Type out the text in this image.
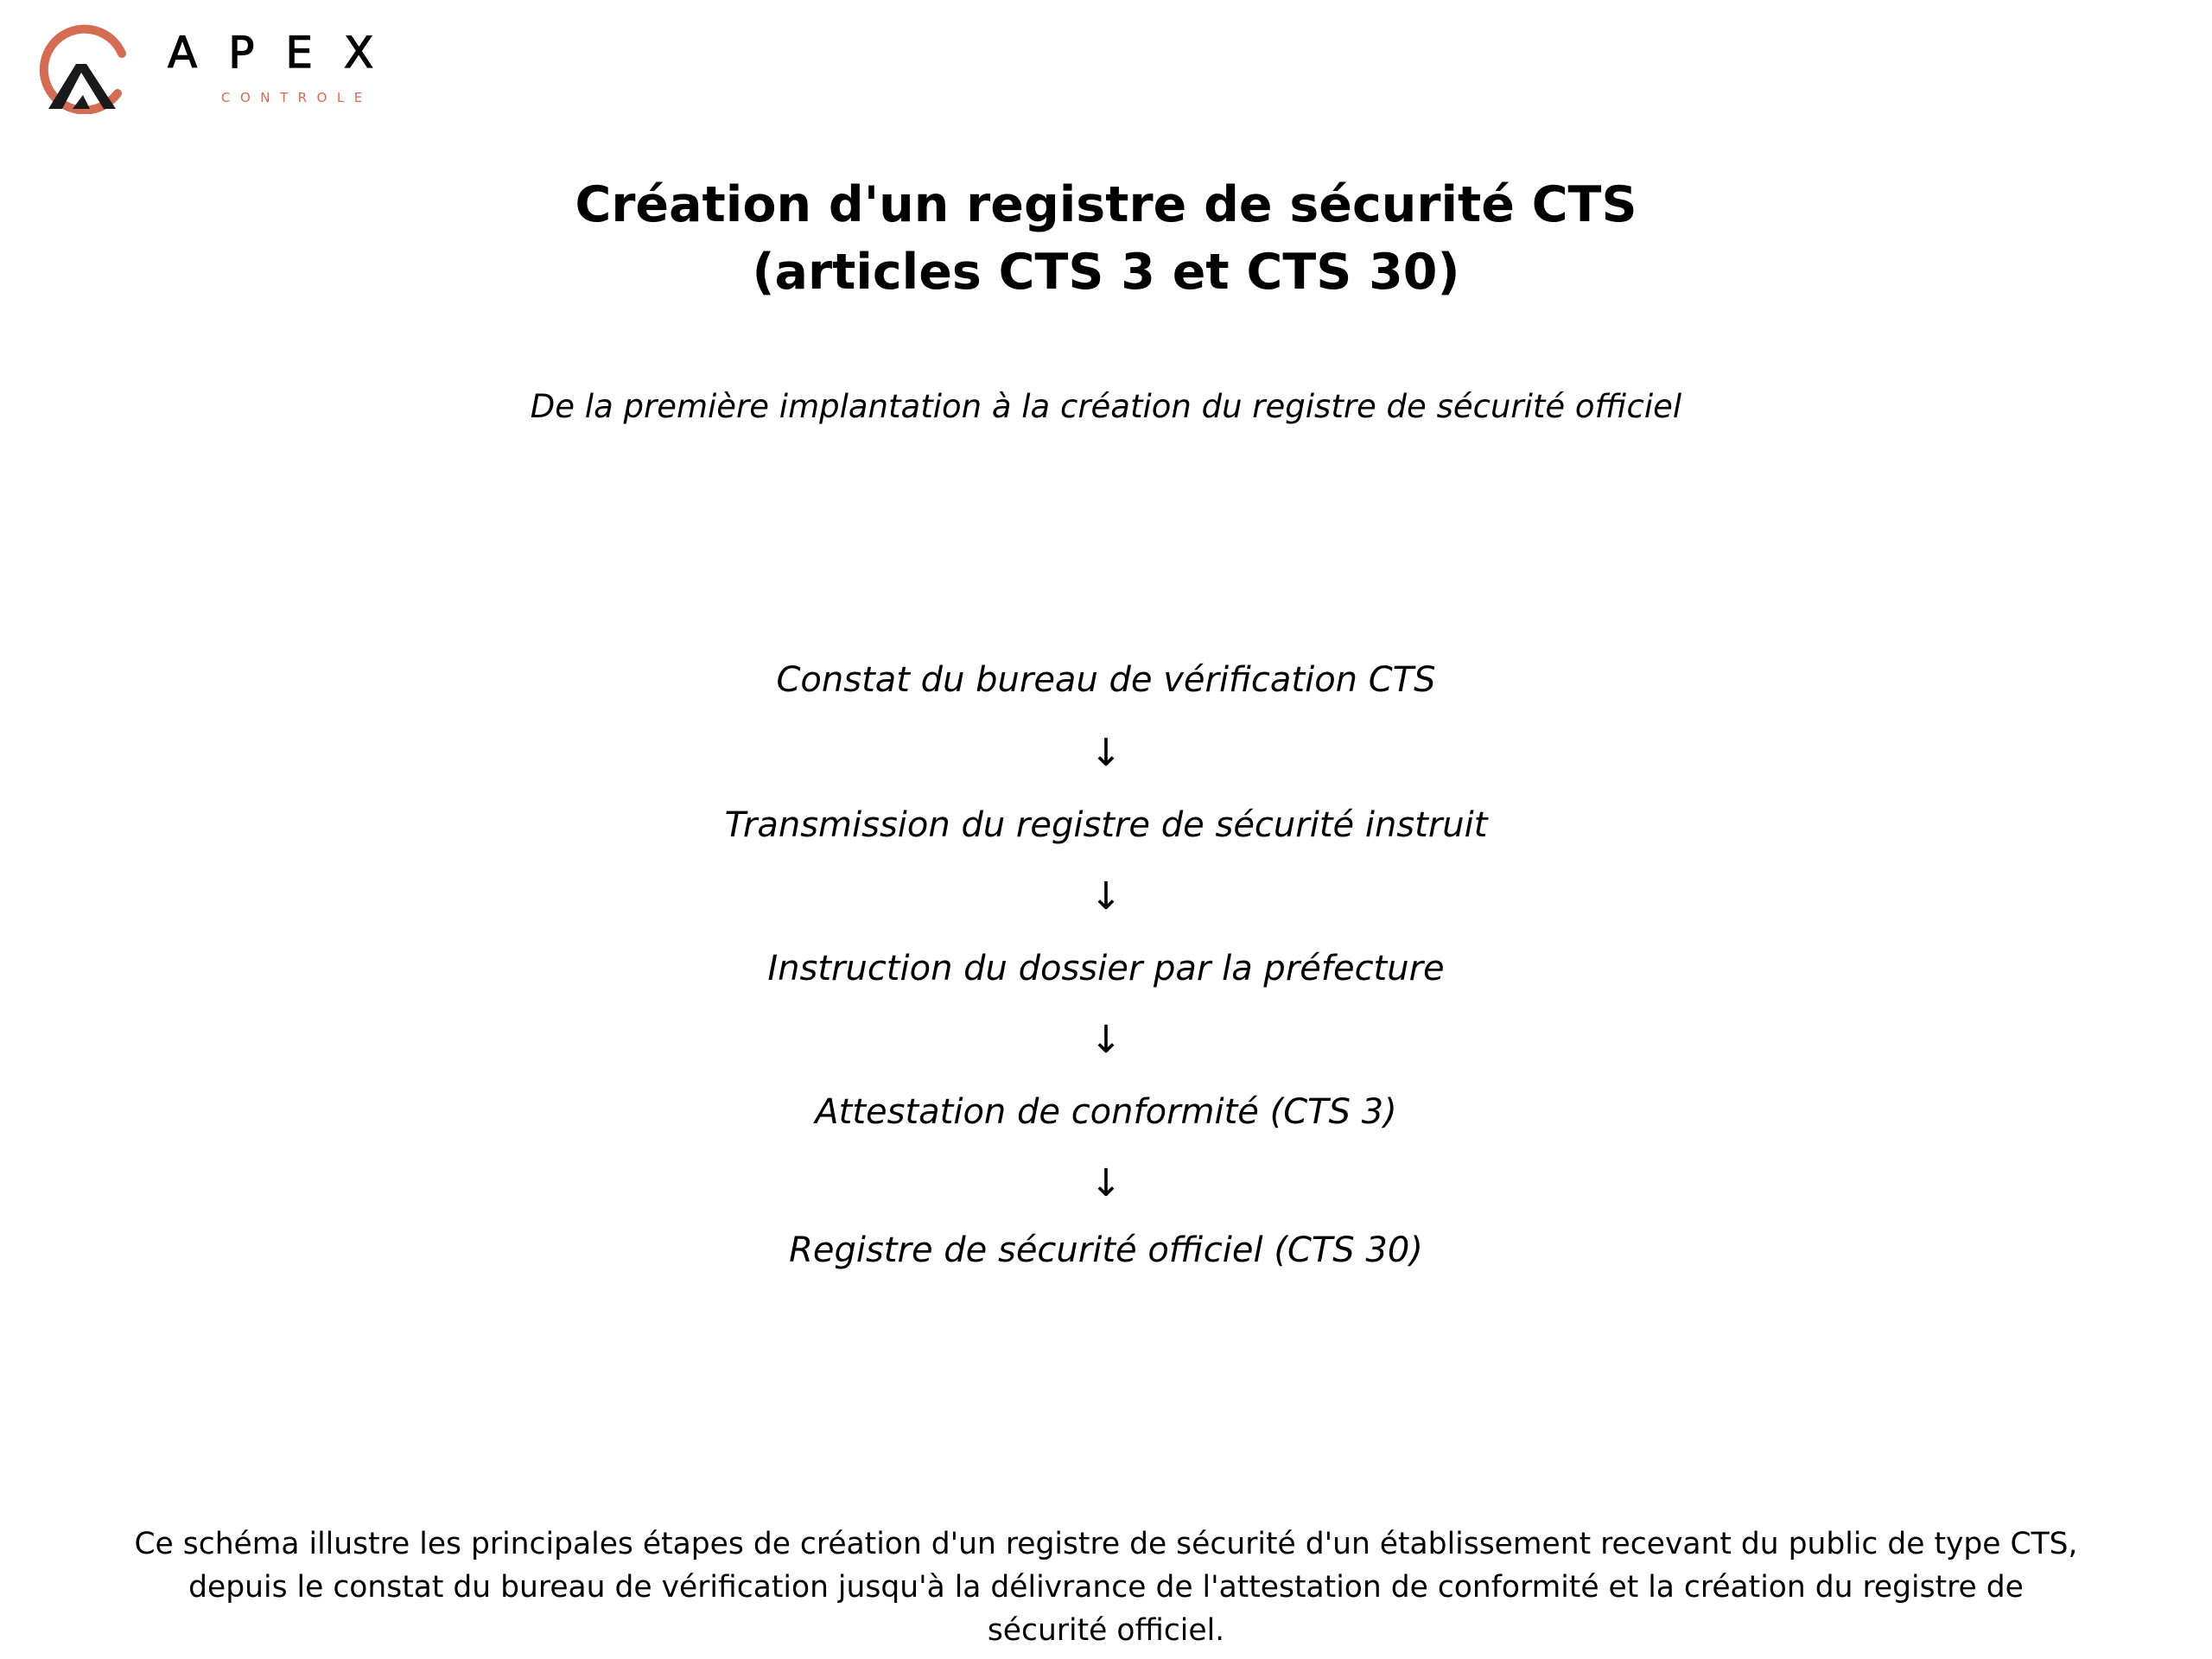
APEX
CONTROLE
Création d'un registre de sécurité CTS
(articles CTS 3 et CTS 30)

De la première implantation à la création du registre de sécurité officiel

Constat du bureau de vérification CTS
↓
Transmission du registre de sécurité instruit
↓
Instruction du dossier par la préfecture
↓
Attestation de conformité (CTS 3)
↓
Registre de sécurité officiel (CTS 30)

Ce schéma illustre les principales étapes de création d'un registre de sécurité d'un établissement recevant du public de type CTS, depuis le constat du bureau de vérification jusqu'à la délivrance de l'attestation de conformité et la création du registre de sécurité officiel.
